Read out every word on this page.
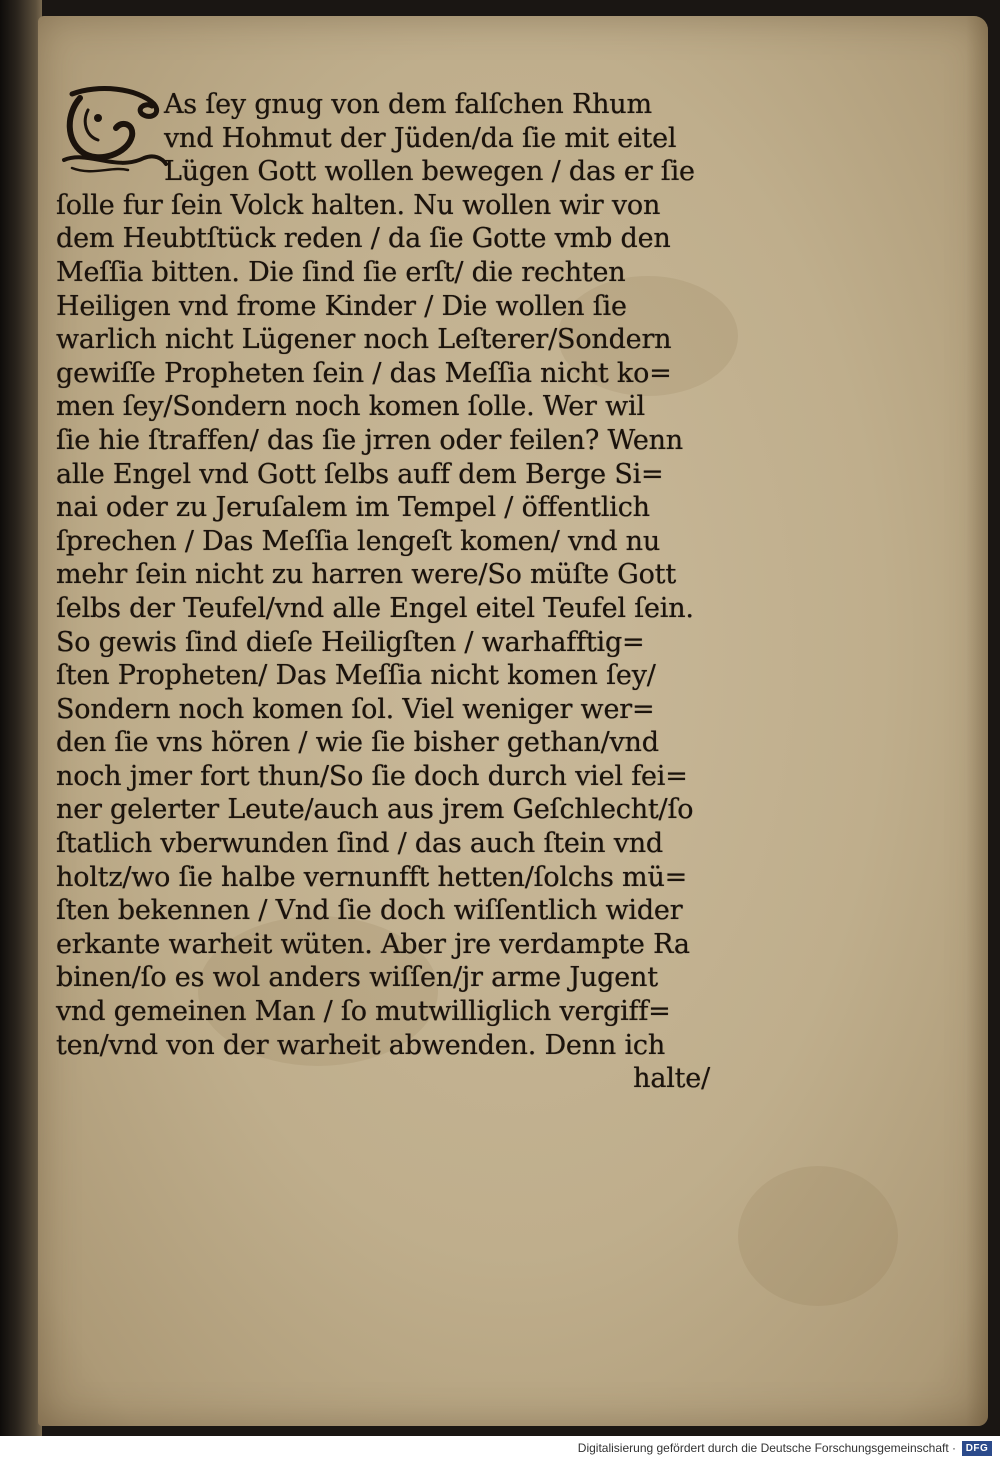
As ſey gnug von dem falſchen Rhum
vnd Hohmut der Jüden/da ſie mit eitel
Lügen Gott wollen bewegen / das er ſie
ſolle fur ſein Volck halten. Nu wollen wir von
dem Heubtſtück reden / da ſie Gotte vmb den
Meſſia bitten. Die ſind ſie erſt/ die rechten
Heiligen vnd frome Kinder / Die wollen ſie
warlich nicht Lügener noch Leſterer/Sondern
gewiſſe Propheten ſein / das Meſſia nicht ko=
men ſey/Sondern noch komen ſolle. Wer wil
ſie hie ſtraffen/ das ſie jrren oder feilen? Wenn
alle Engel vnd Gott ſelbs auff dem Berge Si=
nai oder zu Jeruſalem im Tempel / öffentlich
ſprechen / Das Meſſia lengeſt komen/ vnd nu
mehr ſein nicht zu harren were/So müſte Gott
ſelbs der Teufel/vnd alle Engel eitel Teufel ſein.
So gewis ſind dieſe Heiligſten / warhafftig=
ſten Propheten/ Das Meſſia nicht komen ſey/
Sondern noch komen ſol. Viel weniger wer=
den ſie vns hören / wie ſie bisher gethan/vnd
noch jmer fort thun/So ſie doch durch viel fei=
ner gelerter Leute/auch aus jrem Geſchlecht/ſo
ſtatlich vberwunden ſind / das auch ſtein vnd
holtz/wo ſie halbe vernunfft hetten/ſolchs mü=
ſten bekennen / Vnd ſie doch wiſſentlich wider
erkante warheit wüten. Aber jre verdampte Ra
binen/ſo es wol anders wiſſen/jr arme Jugent
vnd gemeinen Man / ſo mutwilliglich vergiff=
ten/vnd von der warheit abwenden. Denn ich
halte/
Digitalisierung gefördert durch die Deutsche Forschungsgemeinschaft · DFG
